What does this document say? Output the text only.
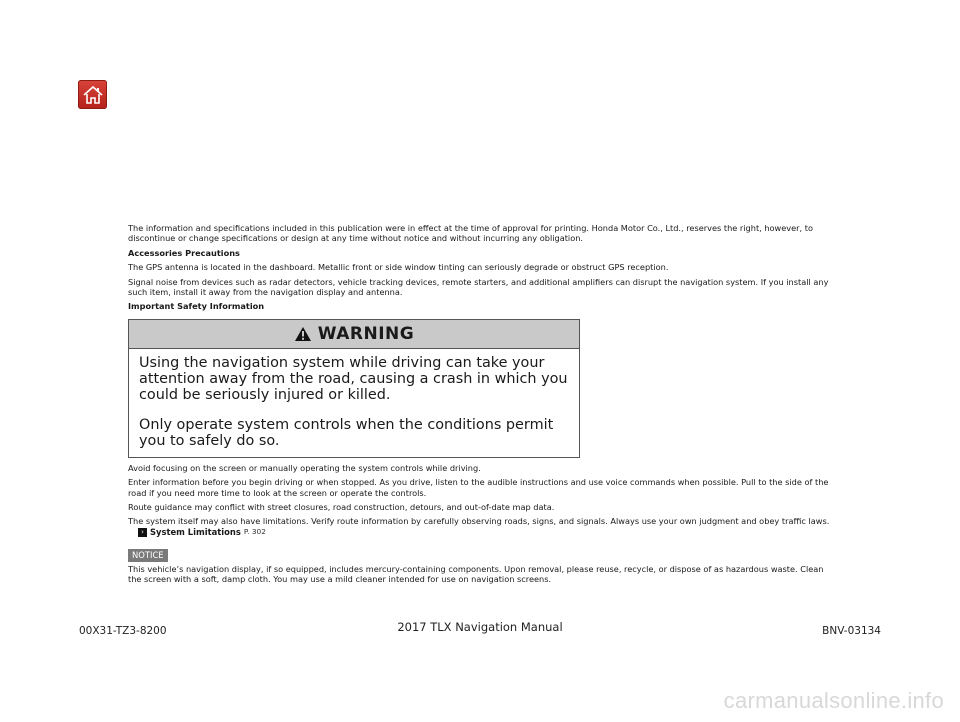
The information and specifications included in this publication were in effect at the time of approval for printing. Honda Motor Co., Ltd., reserves the right, however, to discontinue or change specifications or design at any time without notice and without incurring any obligation.

Accessories Precautions

The GPS antenna is located in the dashboard. Metallic front or side window tinting can seriously degrade or obstruct GPS reception.

Signal noise from devices such as radar detectors, vehicle tracking devices, remote starters, and additional amplifiers can disrupt the navigation system. If you install any such item, install it away from the navigation display and antenna.

Important Safety Information

WARNING

Using the navigation system while driving can take your attention away from the road, causing a crash in which you could be seriously injured or killed.

Only operate system controls when the conditions permit you to safely do so.

Avoid focusing on the screen or manually operating the system controls while driving.

Enter information before you begin driving or when stopped. As you drive, listen to the audible instructions and use voice commands when possible. Pull to the side of the road if you need more time to look at the screen or operate the controls.

Route guidance may conflict with street closures, road construction, detours, and out-of-date map data.

The system itself may also have limitations. Verify route information by carefully observing roads, signs, and signals. Always use your own judgment and obey traffic laws.

› System Limitations P. 302
NOTICE

This vehicle’s navigation display, if so equipped, includes mercury-containing components. Upon removal, please reuse, recycle, or dispose of as hazardous waste. Clean the screen with a soft, damp cloth. You may use a mild cleaner intended for use on navigation screens.

00X31-TZ3-8200	2017 TLX Navigation Manual	BNV-03134
carmanualsonline.info
